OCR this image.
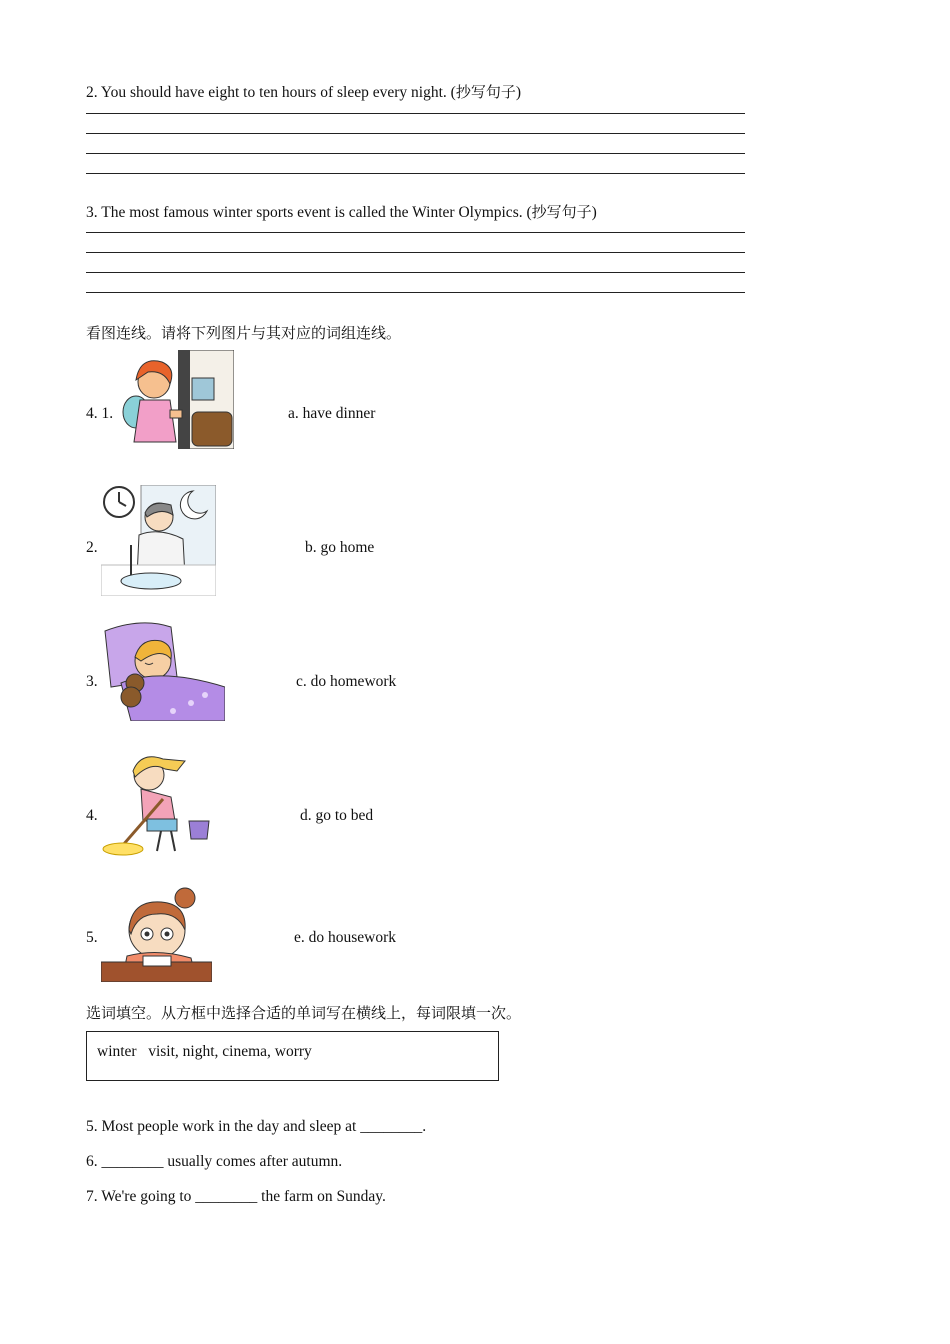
2. You should have eight to ten hours of sleep every night. (抄写句子)
3. The most famous winter sports event is called the Winter Olympics. (抄写句子)
看图连线。请将下列图片与其对应的词组连线。
4. 1.	a. have dinner
2.	b. go home
3.	c. do homework
4.	d. go to bed
5.	e. do housework
选词填空。从方框中选择合适的单词写在横线上，每词限填一次。
winter   visit, night, cinema, worry
5. Most people work in the day and sleep at ________.
6. ________ usually comes after autumn.
7. We're going to ________ the farm on Sunday.
